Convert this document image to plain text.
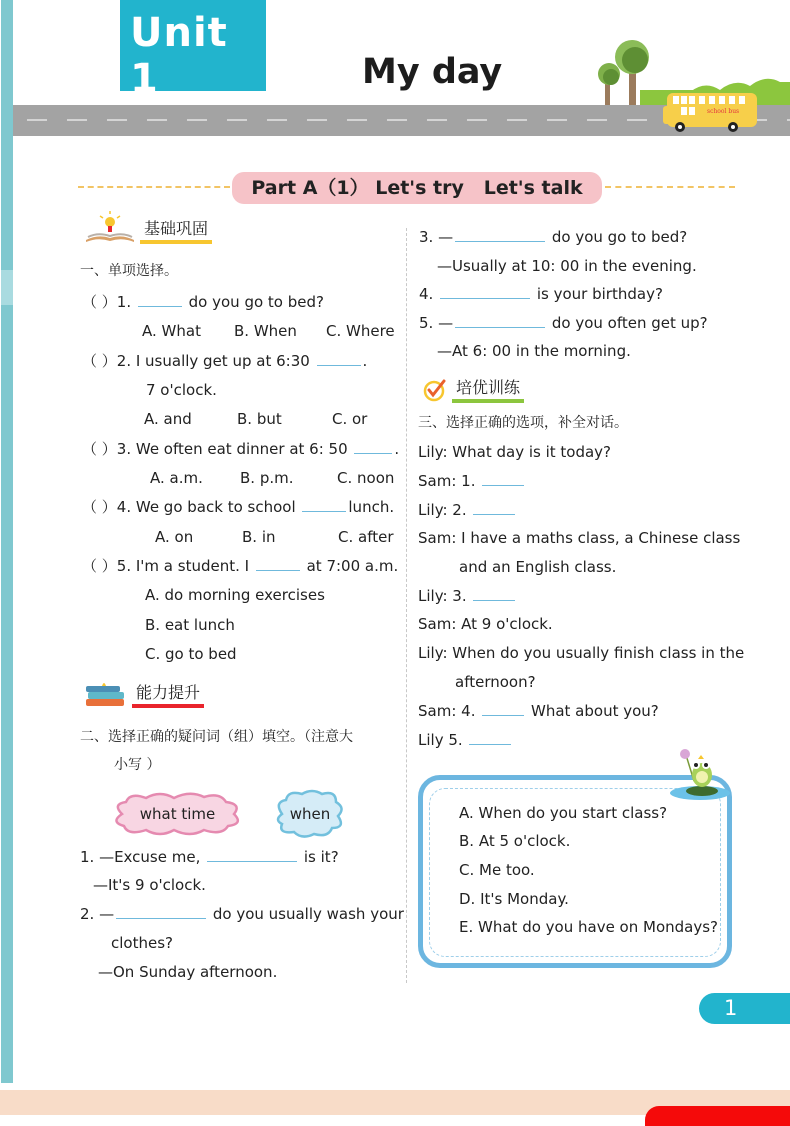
Unit 1	My day
school bus
Part A（1） Let's try   Let's talk
基础巩固
一、单项选择。
（ ）1.	do you go to bed?
A. What B. When C. Where
（ ）2. I usually get up at 6:30	.
7 o'clock.
A. and	B. but	C. or
（ ）3. We often eat dinner at 6: 50	.
A. a.m. B. p.m.	C. noon
（ ）4. We go back to school	lunch.
A. on	B. in	C. after
（ ）5. I'm a student. I	at 7:00 a.m.
A. do morning exercises
B. eat lunch
C. go to bed
能力提升
二、选择正确的疑问词（组）填空。（注意大
小写 ）
what time	when
1. —Excuse me,	is it?
—It's 9 o'clock.
2. —	do you usually wash your
clothes?
—On Sunday afternoon.
3. —	do you go to bed?
—Usually at 10: 00 in the evening.
4.	is your birthday?
5. —	do you often get up?
—At 6: 00 in the morning.
培优训练
三、选择正确的选项，补全对话。
Lily: What day is it today?
Sam: 1.
Lily: 2.
Sam: I have a maths class, a Chinese class
and an English class.
Lily: 3.
Sam: At 9 o'clock.
Lily: When do you usually finish class in the
afternoon?
Sam: 4.	What about you?
Lily 5.
A. When do you start class?
B. At 5 o'clock.
C. Me too.
D. It's Monday.
E. What do you have on Mondays?
1
